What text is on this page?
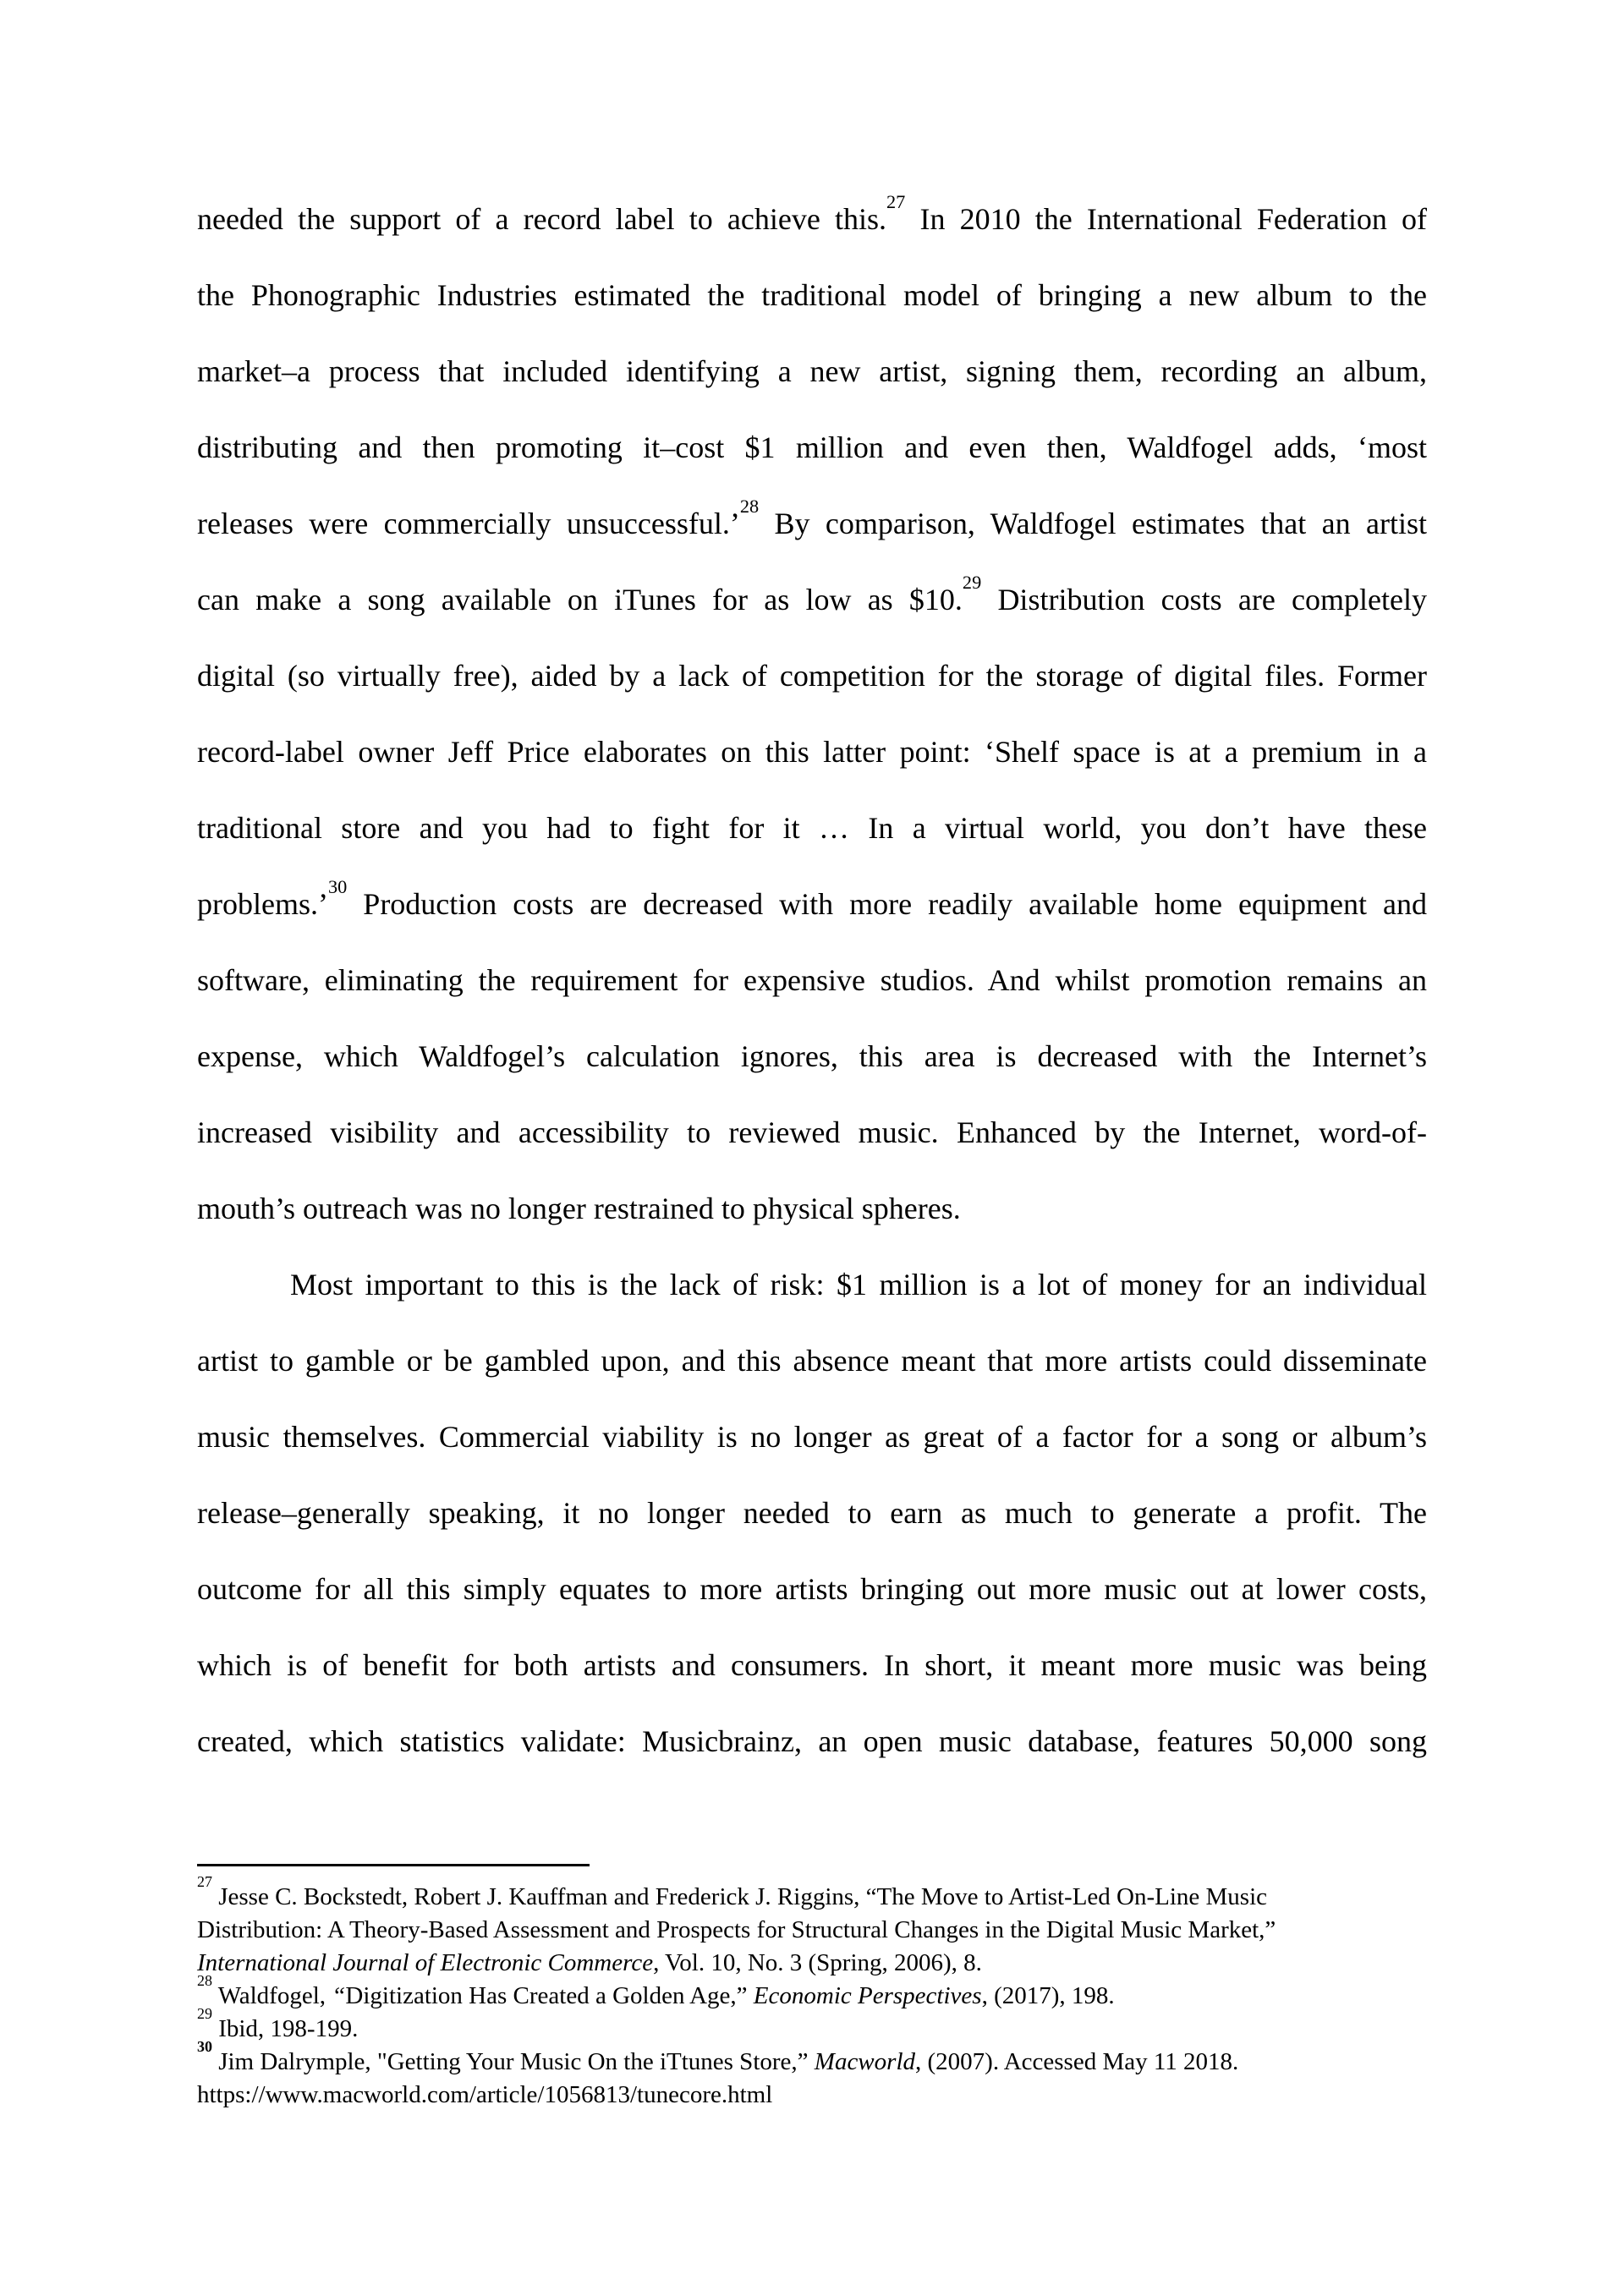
needed the support of a record label to achieve this.$^{27}$ In 2010 the International Federation of
the Phonographic Industries estimated the traditional model of bringing a new album to the
market–a process that included identifying a new artist, signing them, recording an album,
distributing and then promoting it–cost $1 million and even then, Waldfogel adds, ‘most
releases were commercially unsuccessful.’$^{28}$ By comparison, Waldfogel estimates that an artist
can make a song available on iTunes for as low as $10.29 Distribution costs are completely
digital (so virtually free), aided by a lack of competition for the storage of digital files. Former
record-label owner Jeff Price elaborates on this latter point: ‘Shelf space is at a premium in a
traditional store and you had to fight for it … In a virtual world, you don’t have these
problems.’$^{30}$ Production costs are decreased with more readily available home equipment and
software, eliminating the requirement for expensive studios. And whilst promotion remains an
expense, which Waldfogel’s calculation ignores, this area is decreased with the Internet’s
increased visibility and accessibility to reviewed music. Enhanced by the Internet, word-of-
mouth’s outreach was no longer restrained to physical spheres.
Most important to this is the lack of risk: $1 million is a lot of money for an individual
artist to gamble or be gambled upon, and this absence meant that more artists could disseminate
music themselves. Commercial viability is no longer as great of a factor for a song or album’s
release–generally speaking, it no longer needed to earn as much to generate a profit. The
outcome for all this simply equates to more artists bringing out more music out at lower costs,
which is of benefit for both artists and consumers. In short, it meant more music was being
created, which statistics validate: Musicbrainz, an open music database, features 50,000 song
$^{27}$ Jesse C. Bockstedt, Robert J. Kauffman and Frederick J. Riggins, “The Move to Artist-Led On-Line Music
Distribution: A Theory-Based Assessment and Prospects for Structural Changes in the Digital Music Market,”
International Journal of Electronic Commerce, Vol. 10, No. 3 (Spring, 2006), 8.
$^{28}$ Waldfogel, “Digitization Has Created a Golden Age,” Economic Perspectives, (2017), 198.
$^{29}$ Ibid, 198-199.
$^{30}$ Jim Dalrymple, "Getting Your Music On the iTtunes Store,” Macworld, (2007). Accessed May 11 2018.
https://www.macworld.com/article/1056813/tunecore.html
